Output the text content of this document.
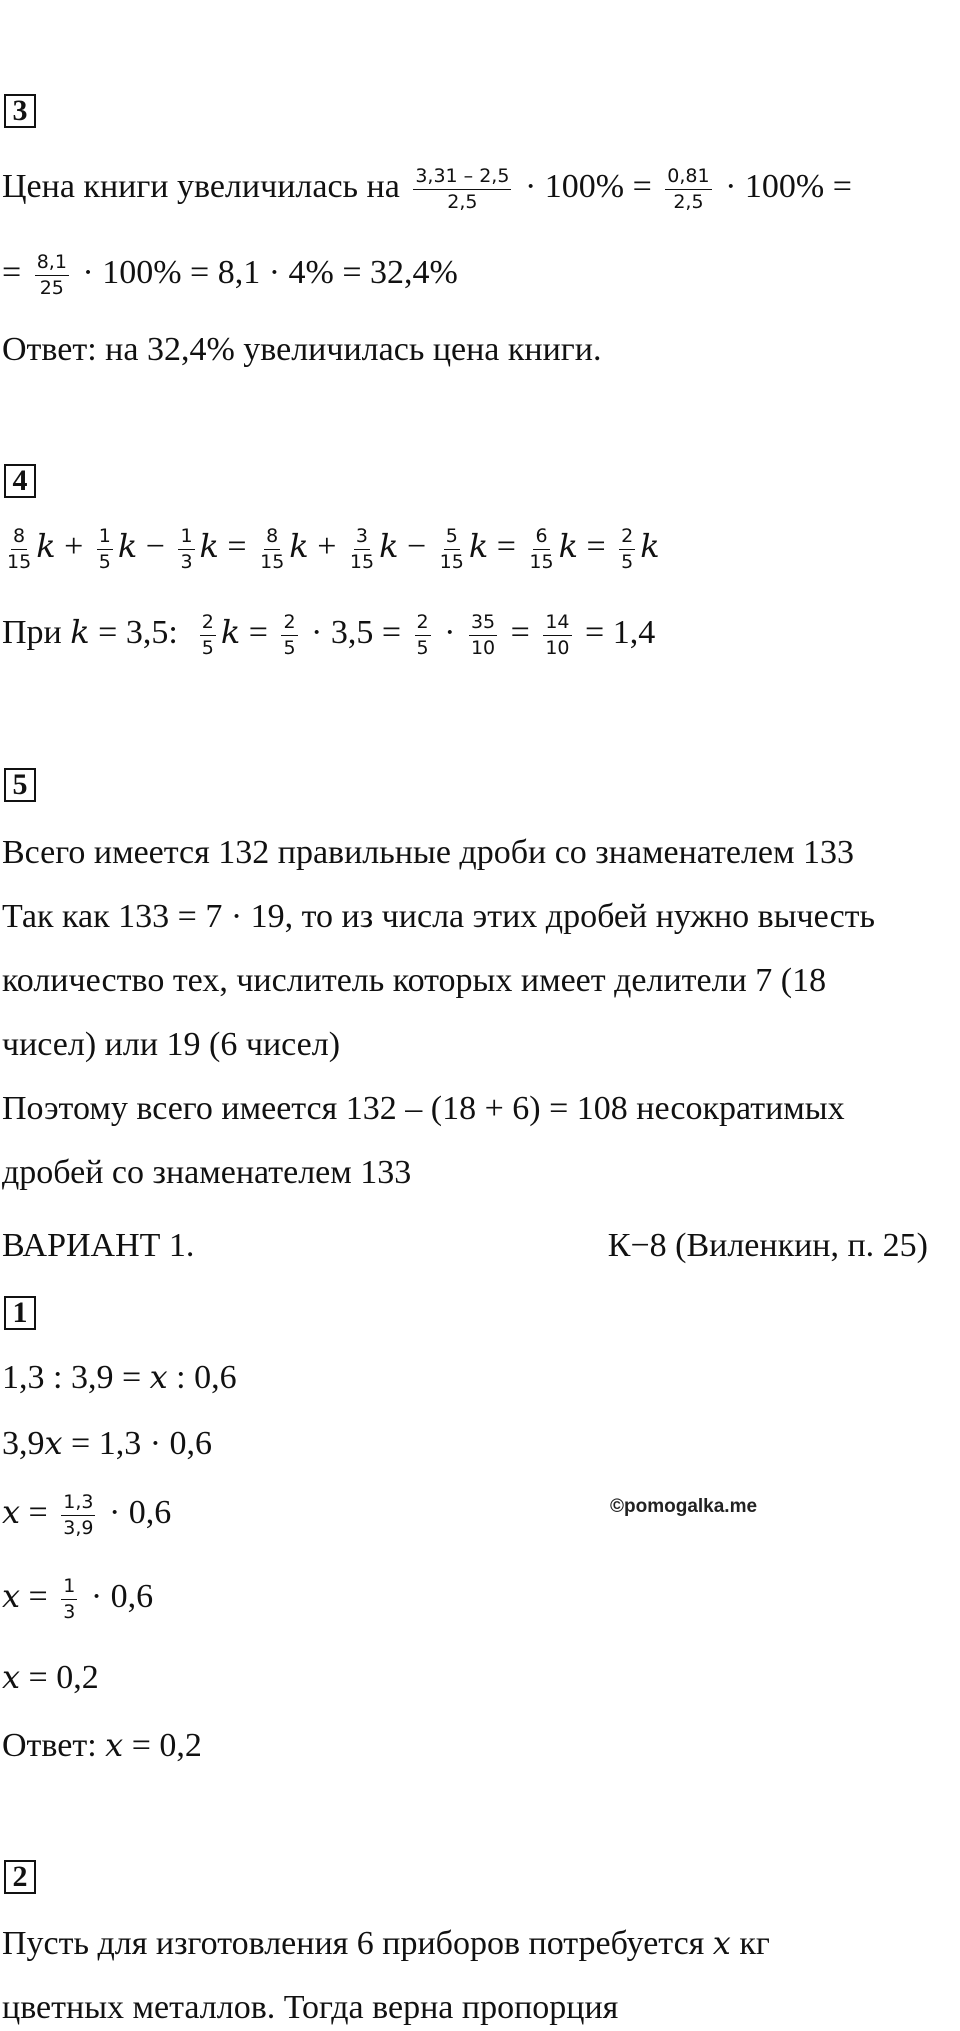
3
Цена книги увеличилась на $\frac{3,31 - 2,5}{2,5} \cdot 100\% = \frac{0,81}{2,5} \cdot 100\%$ =
= $\frac{8,1}{25} \cdot 100\% = 8,1 \cdot 4\% = 32,4\%$
Ответ: на 32,4% увеличилась цена книги.
4
$\frac{8}{15}$ $k + \frac{1}{5}$ $k - \frac{1}{3}$ $k = \frac{8}{15}$ $k + \frac{3}{15}$ $k - \frac{5}{15}$ $k = \frac{6}{15}$ $k = \frac{2}{5}$ k
При k = 3,5: $\frac{2}{5}$ $k = \frac{2}{5} \cdot 3,5 = \frac{2}{5} \cdot \frac{35}{10} = \frac{14}{10} = 1,4$
5
Всего имеется 132 правильные дроби со знаменателем 133
Так как 133 = 7 · 19, то из числа этих дробей нужно вычесть
количество тех, числитель которых имеет делители 7 (18
чисел) или 19 (6 чисел)
Поэтому всего имеется 132 – (18 + 6) = 108 несократимых
дробей со знаменателем 133
ВАРИАНТ 1.	К−8 (Виленкин, п. 25)
1
1,3 : 3,9 = x : 0,6
3,9x = 1,3 · 0,6
$x = \frac{1,3}{3,9} \cdot 0,6$
$x = \frac{1}{3} \cdot 0,6$
x = 0,2
Ответ: x = 0,2
©pomogalka.me
2
Пусть для изготовления 6 приборов потребуется x кг
цветных металлов. Тогда верна пропорция
